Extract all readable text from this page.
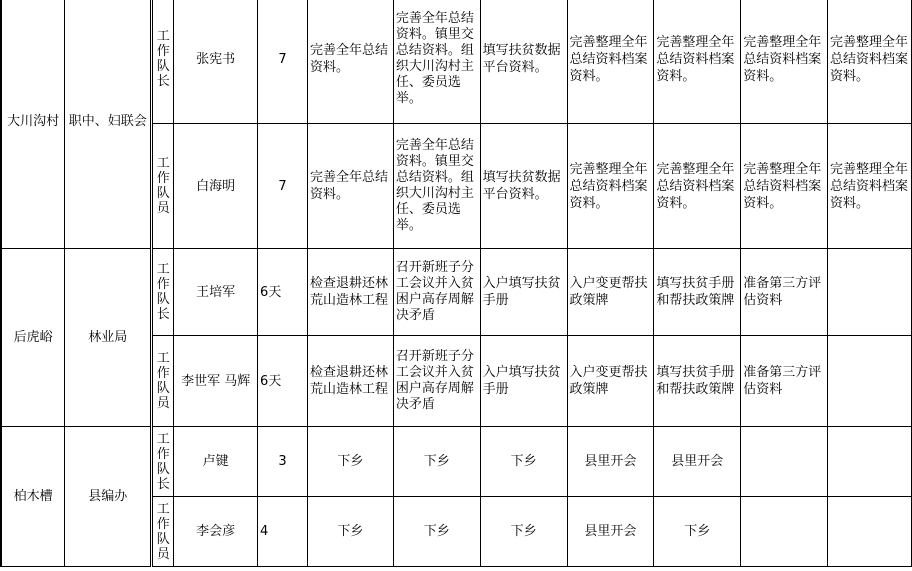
大川沟村	职中、妇联会	工作队长	张宪书	7	完善全年总结资料。	完善全年总结资料。镇里交总结资料。组织大川沟村主任、委员选举。	填写扶贫数据平台资料。	完善整理全年总结资料档案资料。	完善整理全年总结资料档案资料。	完善整理全年总结资料档案资料。	完善整理全年总结资料档案资料。
		工作队员	白海明	7	完善全年总结资料。	完善全年总结资料。镇里交总结资料。组织大川沟村主任、委员选举。	填写扶贫数据平台资料。	完善整理全年总结资料档案资料。	完善整理全年总结资料档案资料。	完善整理全年总结资料档案资料。	完善整理全年总结资料档案资料。
后虎峪	林业局	工作队长	王培军	6天	检查退耕还林荒山造林工程	召开新班子分工会议并入贫困户高存周解决矛盾	入户填写扶贫手册	入户变更帮扶政策牌	填写扶贫手册和帮扶政策牌	准备第三方评估资料	
		工作队员	李世军 马辉	6天	检查退耕还林荒山造林工程	召开新班子分工会议并入贫困户高存周解决矛盾	入户填写扶贫手册	入户变更帮扶政策牌	填写扶贫手册和帮扶政策牌	准备第三方评估资料	
柏木槽	县编办	工作队长	卢键	3	下乡	下乡	下乡	县里开会	县里开会		
		工作队员	李会彦	4	下乡	下乡	下乡	县里开会	下乡		
